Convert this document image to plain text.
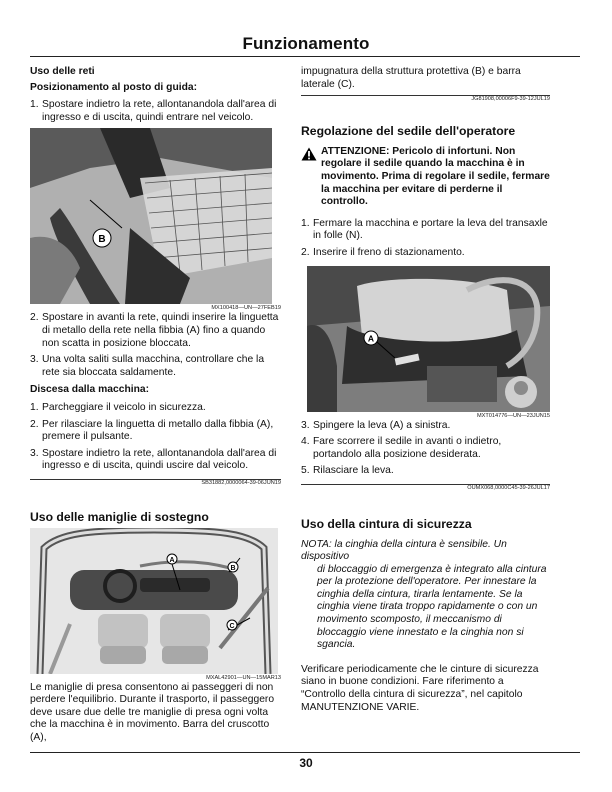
Funzionamento

Uso delle reti

Posizionamento al posto di guida:

1. Spostare indietro la rete, allontanandola dall'area di ingresso e di uscita, quindi entrare nel veicolo.

B
MX100418—UN—27FEB19

2. Spostare in avanti la rete, quindi inserire la linguetta di metallo della rete nella fibbia (A) fino a quando non scatta in posizione bloccata.

3. Una volta saliti sulla macchina, controllare che la rete sia bloccata saldamente.

Discesa dalla macchina:

1. Parcheggiare il veicolo in sicurezza.

2. Per rilasciare la linguetta di metallo dalla fibbia (A), premere il pulsante.

3. Spostare indietro la rete, allontanandola dall'area di ingresso e di uscita, quindi uscire dal veicolo.

SB31882,0000064-39-06JUN19

Uso delle maniglie di sostegno

A
B
C
MXAL42901—UN—15MAR13

Le maniglie di presa consentono ai passeggeri di non perdere l'equilibrio. Durante il trasporto, il passeggero deve usare due delle tre maniglie di presa ogni volta che la macchina è in movimento. Barra del cruscotto (A),

impugnatura della struttura protettiva (B) e barra laterale (C).

JG81908,00006F9-39-12JUL19

Regolazione del sedile dell'operatore

ATTENZIONE: Pericolo di infortuni. Non regolare il sedile quando la macchina è in movimento. Prima di regolare il sedile, fermare la macchina per evitare di perderne il controllo.

1. Fermare la macchina e portare la leva del transaxle in folle (N).

2. Inserire il freno di stazionamento.

A
MXT014776—UN—23JUN15

3. Spingere la leva (A) a sinistra.

4. Fare scorrere il sedile in avanti o indietro, portandolo alla posizione desiderata.

5. Rilasciare la leva.

OUMX068,0000C45-39-26JUL17

Uso della cintura di sicurezza

NOTA: la cinghia della cintura è sensibile. Un dispositivo
di bloccaggio di emergenza è integrato alla cintura per la protezione dell'operatore. Per innestare la cinghia della cintura, tirarla lentamente. Se la cinghia viene tirata troppo rapidamente o con un movimento scomposto, il meccanismo di bloccaggio viene innestato e la cinghia non si sgancia.

Verificare periodicamente che le cinture di sicurezza siano in buone condizioni. Fare riferimento a “Controllo della cintura di sicurezza”, nel capitolo MANUTENZIONE VARIE.

30
